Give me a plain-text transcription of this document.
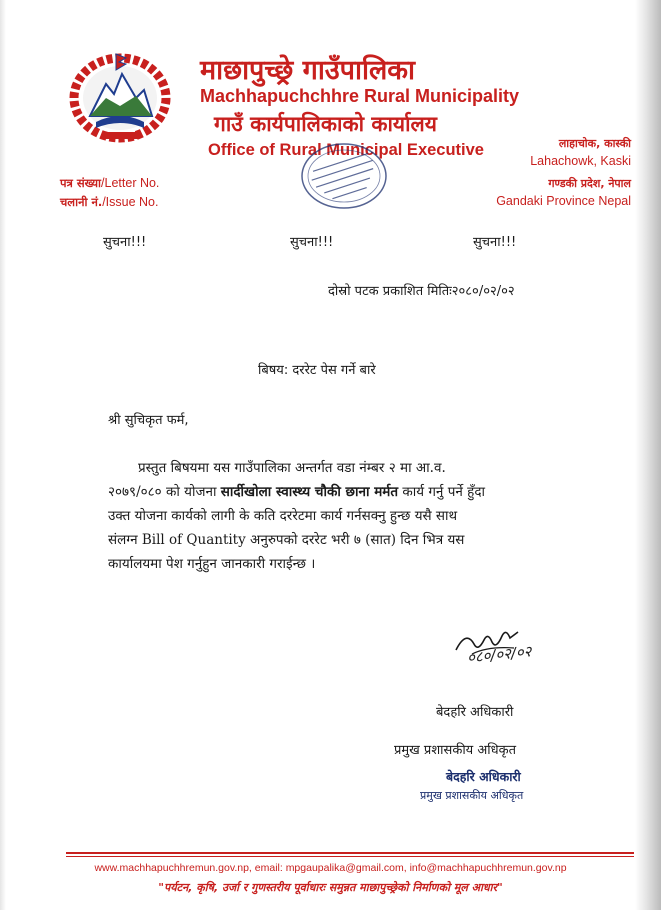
माछापुच्छ्रे गाउँपालिका
Machhapuchchhre Rural Municipality
गाउँ कार्यपालिकाको कार्यालय
Office of Rural Municipal Executive	लाहाचोक, कास्की
Lahachowk, Kaski
गण्डकी प्रदेश, नेपाल
Gandaki Province Nepal
पत्र संख्या/Letter No.
चलानी नं./Issue No.
सुचना!!!	सुचना!!!	सुचना!!!
दोस्रो पटक प्रकाशित मितिः२०८०/०२/०२
बिषय: दररेट पेस गर्ने बारे
श्री सुचिकृत फर्म,
प्रस्तुत बिषयमा यस गाउँपालिका अन्तर्गत वडा नंम्बर २ मा आ.व.
२०७९/०८० को योजना सार्दीखोला स्वास्थ्य चौकी छाना मर्मत कार्य गर्नु पर्ने हुँदा
उक्त योजना कार्यको लागी के कति दररेटमा कार्य गर्नसक्नु हुन्छ यसै साथ
संलग्न Bill of Quantity अनुरुपको दररेट भरी ७ (सात) दिन भित्र यस
कार्यालयमा पेश गर्नुहुन जानकारी गराईन्छ ।
०८०/०२/०२
बेदहरि अधिकारी
प्रमुख प्रशासकीय अधिकृत
बेदहरि अधिकारी
प्रमुख प्रशासकीय अधिकृत
www.machhapuchhremun.gov.np, email: mpgaupalika@gmail.com, info@machhapuchhremun.gov.np
"पर्यटन, कृषि, उर्जा र गुणस्तरीय पूर्वाधारः समुन्नत माछापुच्छ्रेको निर्माणको मूल आधार"
